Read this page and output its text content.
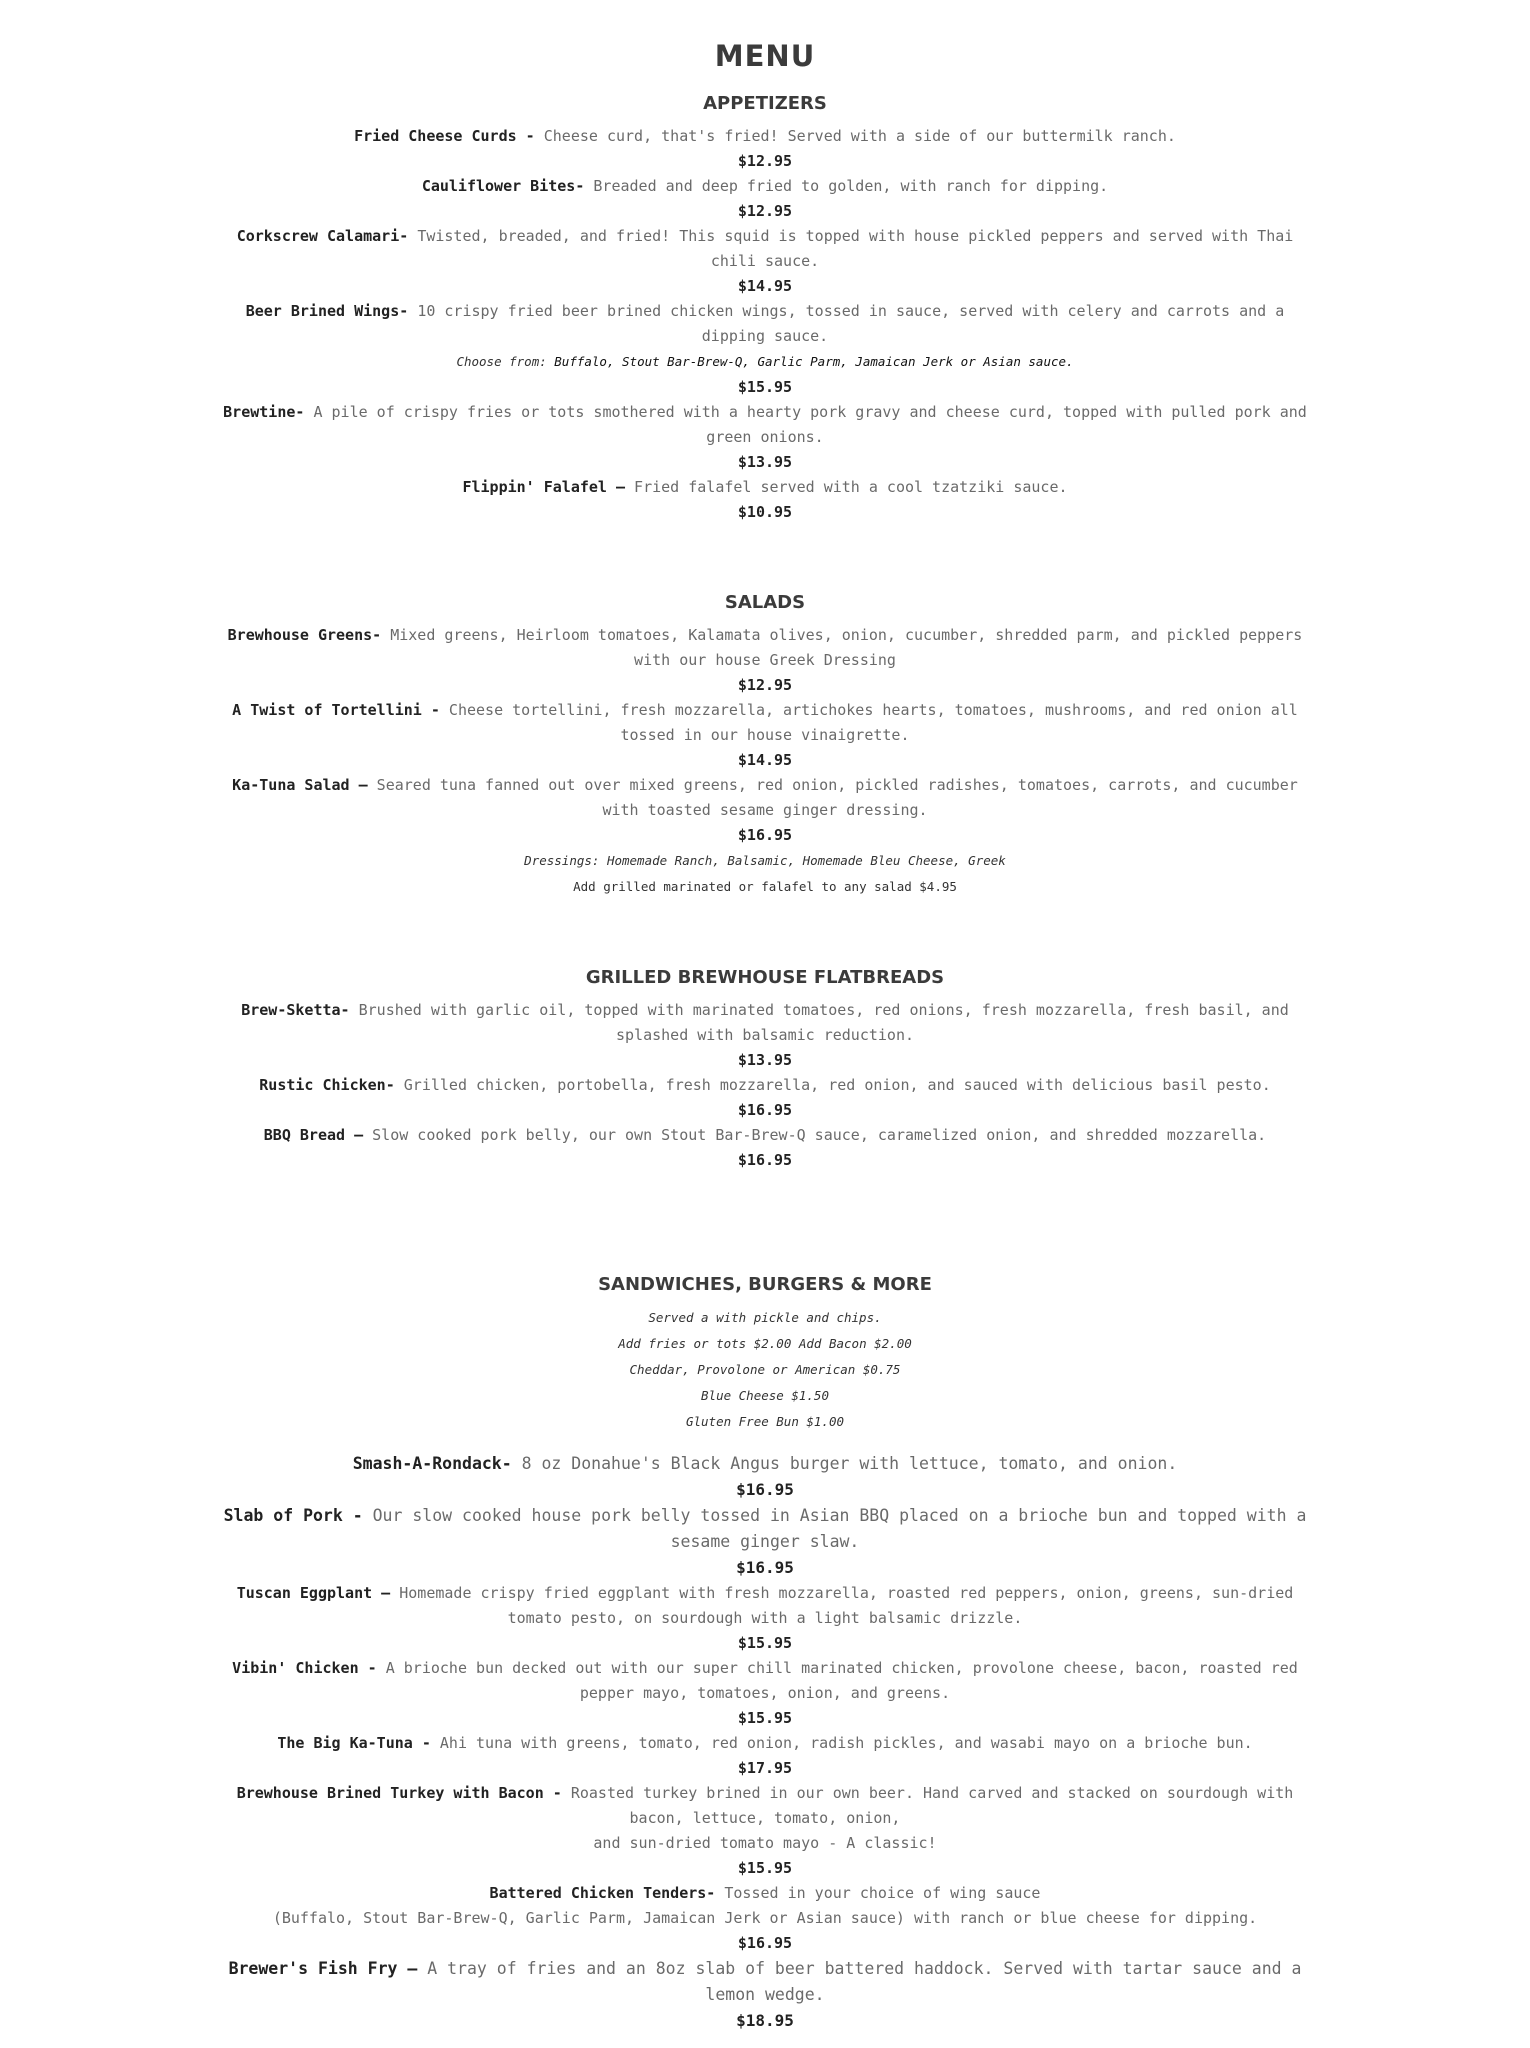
MENU
APPETIZERS

Fried Cheese Curds - Cheese curd, that's fried! Served with a side of our buttermilk ranch.

$12.95

Cauliflower Bites- Breaded and deep fried to golden, with ranch for dipping.

$12.95

Corkscrew Calamari- Twisted, breaded, and fried! This squid is topped with house pickled peppers and served with Thai chili sauce.

$14.95

Beer Brined Wings- 10 crispy fried beer brined chicken wings, tossed in sauce, served with celery and carrots and a dipping sauce.

Choose from: Buffalo, Stout Bar-Brew-Q, Garlic Parm, Jamaican Jerk or Asian sauce.

$15.95

Brewtine- A pile of crispy fries or tots smothered with a hearty pork gravy and cheese curd, topped with pulled pork and green onions.

$13.95

Flippin' Falafel – Fried falafel served with a cool tzatziki sauce.

$10.95

SALADS

Brewhouse Greens- Mixed greens, Heirloom tomatoes, Kalamata olives, onion, cucumber, shredded parm, and pickled peppers with our house Greek Dressing

$12.95

A Twist of Tortellini - Cheese tortellini, fresh mozzarella, artichokes hearts, tomatoes, mushrooms, and red onion all tossed in our house vinaigrette.

$14.95

Ka-Tuna Salad – Seared tuna fanned out over mixed greens, red onion, pickled radishes, tomatoes, carrots, and cucumber with toasted sesame ginger dressing.

$16.95

Dressings: Homemade Ranch, Balsamic, Homemade Bleu Cheese, Greek

Add grilled marinated or falafel to any salad $4.95

GRILLED BREWHOUSE FLATBREADS

Brew-Sketta- Brushed with garlic oil, topped with marinated tomatoes, red onions, fresh mozzarella, fresh basil, and splashed with balsamic reduction.

$13.95

Rustic Chicken- Grilled chicken, portobella, fresh mozzarella, red onion, and sauced with delicious basil pesto.

$16.95

BBQ Bread – Slow cooked pork belly, our own Stout Bar-Brew-Q sauce, caramelized onion, and shredded mozzarella.

$16.95

SANDWICHES, BURGERS & MORE

Served a with pickle and chips.

Add fries or tots $2.00 Add Bacon $2.00

Cheddar, Provolone or American $0.75

Blue Cheese $1.50

Gluten Free Bun $1.00

Smash-A-Rondack- 8 oz Donahue's Black Angus burger with lettuce, tomato, and onion.

$16.95

Slab of Pork - Our slow cooked house pork belly tossed in Asian BBQ placed on a brioche bun and topped with a sesame ginger slaw.

$16.95

Tuscan Eggplant – Homemade crispy fried eggplant with fresh mozzarella, roasted red peppers, onion, greens, sun-dried tomato pesto, on sourdough with a light balsamic drizzle.

$15.95

Vibin' Chicken - A brioche bun decked out with our super chill marinated chicken, provolone cheese, bacon, roasted red pepper mayo, tomatoes, onion, and greens.

$15.95

The Big Ka-Tuna - Ahi tuna with greens, tomato, red onion, radish pickles, and wasabi mayo on a brioche bun.

$17.95

Brewhouse Brined Turkey with Bacon - Roasted turkey brined in our own beer. Hand carved and stacked on sourdough with bacon, lettuce, tomato, onion,

and sun-dried tomato mayo - A classic!

$15.95

Battered Chicken Tenders- Tossed in your choice of wing sauce

(Buffalo, Stout Bar-Brew-Q, Garlic Parm, Jamaican Jerk or Asian sauce) with ranch or blue cheese for dipping.

$16.95

Brewer's Fish Fry – A tray of fries and an 8oz slab of beer battered haddock. Served with tartar sauce and a lemon wedge.

$18.95
